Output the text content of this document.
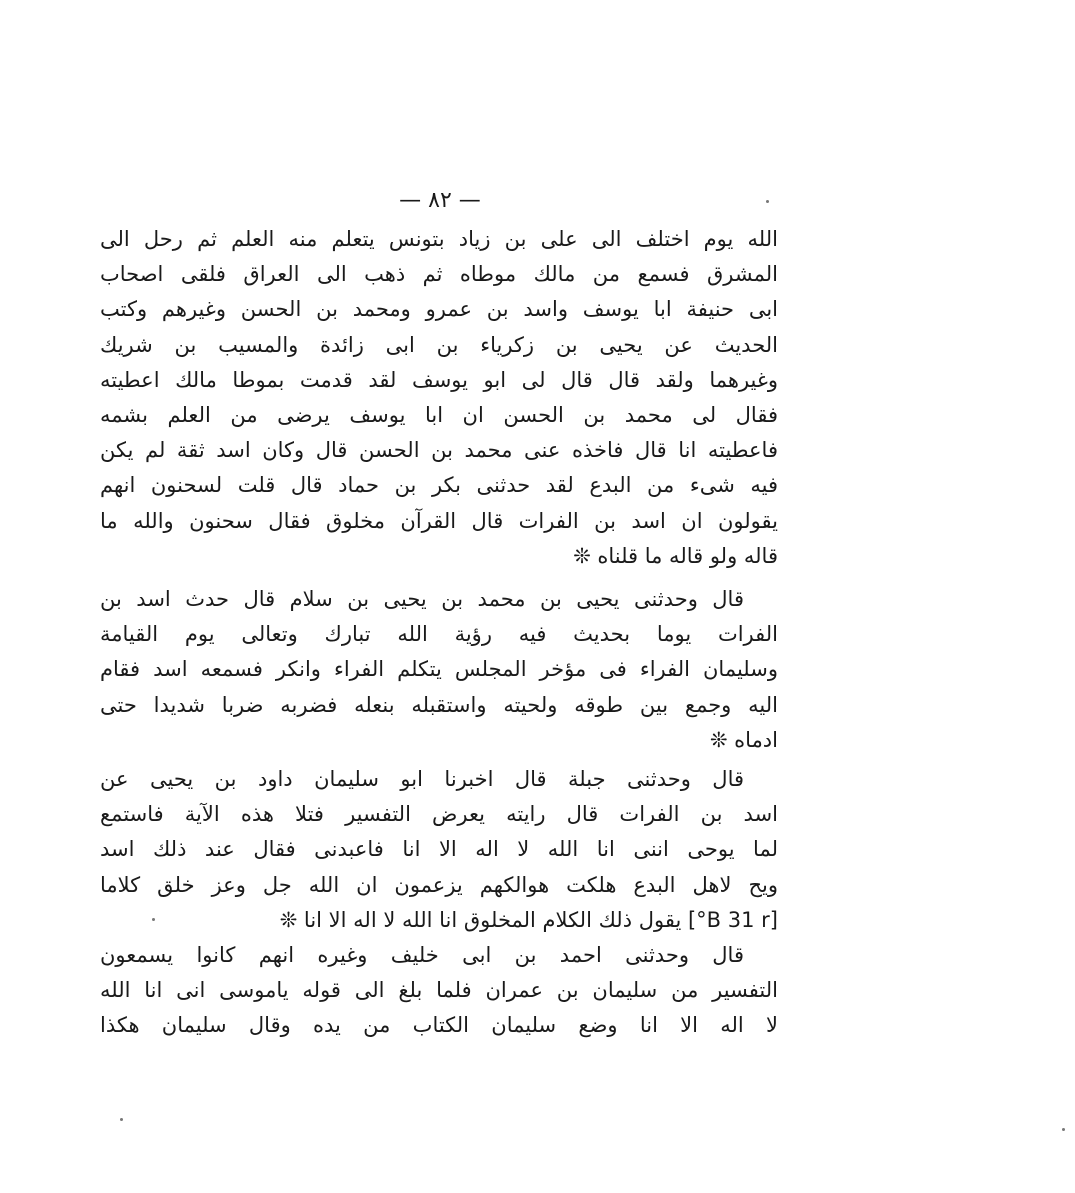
— ٨٢ —
الله يوم اختلف الى على بن زياد بتونس يتعلم منه العلم ثم رحل الى
المشرق فسمع من مالك موطاه ثم ذهب الى العراق فلقى اصحاب
ابى حنيفة ابا يوسف واسد بن عمرو ومحمد بن الحسن وغيرهم وكتب
الحديث عن يحيى بن زكرياء بن ابى زائدة والمسيب بن شريك
وغيرهما ولقد قال قال لى ابو يوسف لقد قدمت بموطا مالك اعطيته
فقال لى محمد بن الحسن ان ابا يوسف يرضى من العلم بشمه
فاعطيته انا قال فاخذه عنى محمد بن الحسن قال وكان اسد ثقة لم يكن
فيه شىء من البدع لقد حدثنى بكر بن حماد قال قلت لسحنون انهم
يقولون ان اسد بن الفرات قال القرآن مخلوق فقال سحنون والله ما
قاله ولو قاله ما قلناه ❊
قال وحدثنى يحيى بن محمد بن يحيى بن سلام قال حدث اسد بن
الفرات يوما بحديث فيه رؤية الله تبارك وتعالى يوم القيامة
وسليمان الفراء فى مؤخر المجلس يتكلم الفراء وانكر فسمعه اسد فقام
اليه وجمع بين طوقه ولحيته واستقبله بنعله فضربه ضربا شديدا حتى
ادماه ❊
قال وحدثنى جبلة قال اخبرنا ابو سليمان داود بن يحيى عن
اسد بن الفرات قال رايته يعرض التفسير فتلا هذه الآية فاستمع
لما يوحى اننى انا الله لا اله الا انا فاعبدنى فقال عند ذلك اسد
ويح لاهل البدع هلكت هوالكهم يزعمون ان الله جل وعز خلق كلاما
[B 31 r°] يقول ذلك الكلام المخلوق انا الله لا اله الا انا ❊
قال وحدثنى احمد بن ابى خليف وغيره انهم كانوا يسمعون
التفسير من سليمان بن عمران فلما بلغ الى قوله ياموسى انى انا الله
لا اله الا انا وضع سليمان الكتاب من يده وقال سليمان هكذا
